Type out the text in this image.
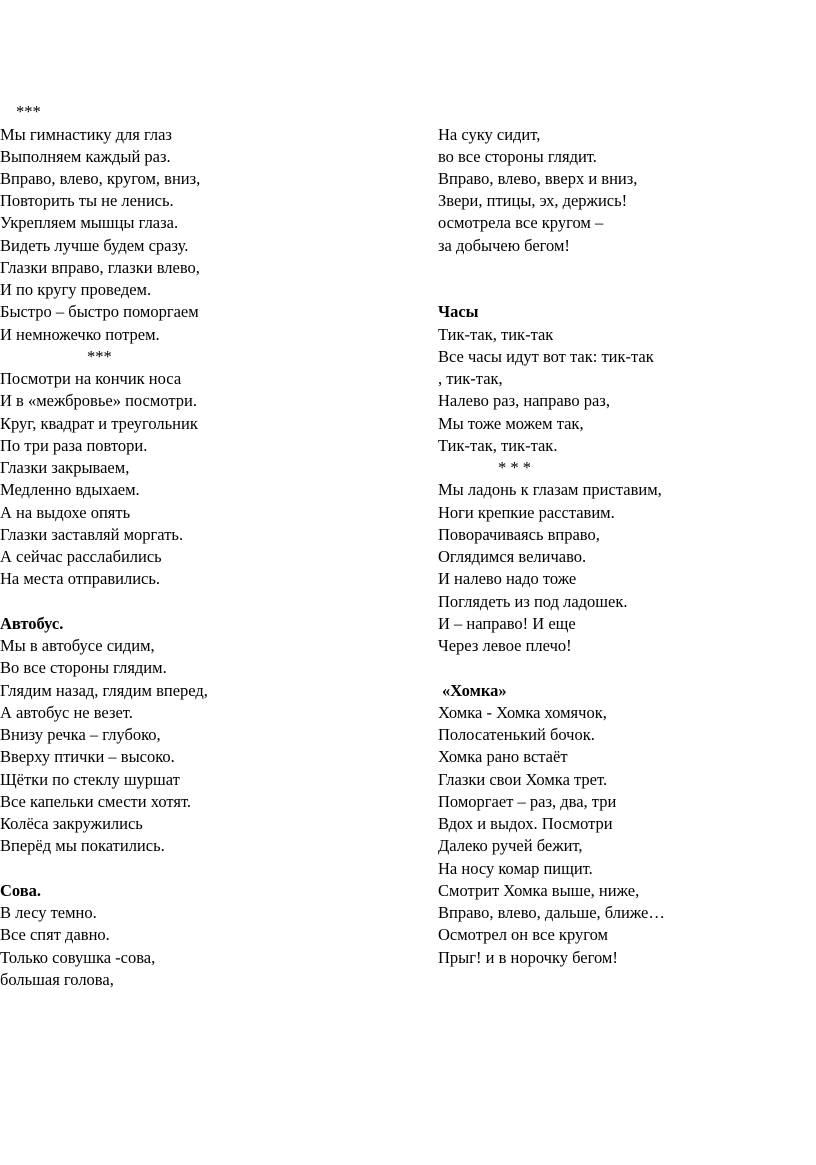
***
Мы гимнастику для глаз
Выполняем каждый раз.
Вправо, влево, кругом, вниз,
Повторить ты не ленись.
Укрепляем мышцы глаза.
Видеть лучше будем сразу.
Глазки вправо, глазки влево,
И по кругу проведем.
Быстро – быстро поморгаем
И немножечко потрем.
***
Посмотри на кончик носа
И в «межбровье» посмотри.
Круг, квадрат и треугольник
По три раза повтори.
Глазки закрываем,
Медленно вдыхаем.
А на выдохе опять
Глазки заставляй моргать.
А сейчас расслабились
На места отправились.
Автобус.
Мы в автобусе сидим,
Во все стороны глядим.
Глядим назад, глядим вперед,
А автобус не везет.
Внизу речка – глубоко,
Вверху птички – высоко.
Щётки по стеклу шуршат
Все капельки смести хотят.
Колёса закружились
Вперёд мы покатились.
Сова.
В лесу темно.
Все спят давно.
Только совушка -сова,
большая голова,
На суку сидит,
во все стороны глядит.
Вправо, влево, вверх и вниз,
Звери, птицы, эх, держись!
осмотрела все кругом –
за добычею бегом!
Часы
Тик-так, тик-так
Все часы идут вот так: тик-так
, тик-так,
Налево раз, направо раз,
Мы тоже можем так,
Тик-так, тик-так.
* * *
Мы ладонь к глазам приставим,
Ноги крепкие расставим.
Поворачиваясь вправо,
Оглядимся величаво.
И налево надо тоже
Поглядеть из под ладошек.
И – направо! И еще
Через левое плечо!
«Хомка»
Хомка - Хомка хомячок,
Полосатенький бочок.
Хомка рано встаёт
Глазки свои Хомка трет.
Поморгает – раз, два, три
Вдох и выдох. Посмотри
Далеко ручей бежит,
На носу комар пищит.
Смотрит Хомка выше, ниже,
Вправо, влево, дальше, ближе…
Осмотрел он все кругом
Прыг! и в норочку бегом!
